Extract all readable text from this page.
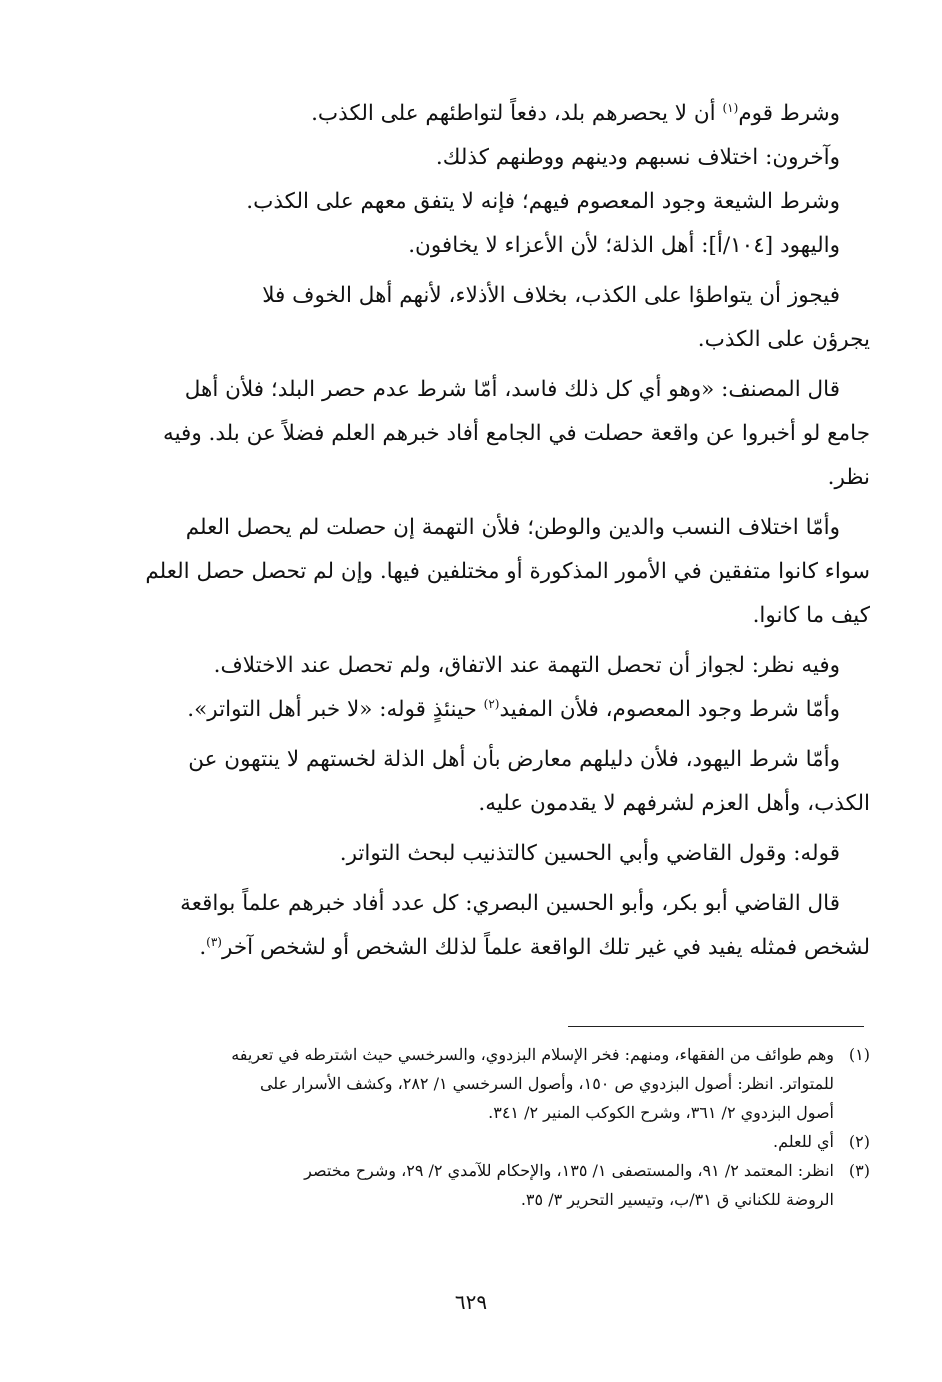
وشرط قوم$^{(١)}$ أن لا يحصرهم بلد، دفعاً لتواطئهم على الكذب.
وآخرون: اختلاف نسبهم ودينهم ووطنهم كذلك.
وشرط الشيعة وجود المعصوم فيهم؛ فإنه لا يتفق معهم على الكذب.
واليهود [١٠٤/أ]: أهل الذلة؛ لأن الأعزاء لا يخافون.
فيجوز أن يتواطؤا على الكذب، بخلاف الأذلاء، لأنهم أهل الخوف فلا
يجرؤن على الكذب.
قال المصنف: «وهو أي كل ذلك فاسد، أمّا شرط عدم حصر البلد؛ فلأن أهل
جامع لو أخبروا عن واقعة حصلت في الجامع أفاد خبرهم العلم فضلاً عن بلد. وفيه
نظر.
وأمّا اختلاف النسب والدين والوطن؛ فلأن التهمة إن حصلت لم يحصل العلم
سواء كانوا متفقين في الأمور المذكورة أو مختلفين فيها. وإن لم تحصل حصل العلم
كيف ما كانوا.
وفيه نظر: لجواز أن تحصل التهمة عند الاتفاق، ولم تحصل عند الاختلاف.
وأمّا شرط وجود المعصوم، فلأن المفيد$^{(٢)}$ حينئذٍ قوله: «لا خبر أهل التواتر».
وأمّا شرط اليهود، فلأن دليلهم معارض بأن أهل الذلة لخستهم لا ينتهون عن
الكذب، وأهل العزم لشرفهم لا يقدمون عليه.
قوله: وقول القاضي وأبي الحسين كالتذنيب لبحث التواتر.
قال القاضي أبو بكر، وأبو الحسين البصري: كل عدد أفاد خبرهم علماً بواقعة
لشخص فمثله يفيد في غير تلك الواقعة علماً لذلك الشخص أو لشخص آخر$^{(٣)}$.
(١)
وهم طوائف من الفقهاء، ومنهم: فخر الإسلام البزدوي، والسرخسي حيث اشترطه في تعريفه
للمتواتر. انظر: أصول البزدوي ص ١٥٠، وأصول السرخسي ١/ ٢٨٢، وكشف الأسرار على
أصول البزدوي ٢/ ٣٦١، وشرح الكوكب المنير ٢/ ٣٤١.
(٢)
أي للعلم.
(٣)
انظر: المعتمد ٢/ ٩١، والمستصفى ١/ ١٣٥، والإحكام للآمدي ٢/ ٢٩، وشرح مختصر
الروضة للكناني ق ٣١/ب، وتيسير التحرير ٣/ ٣٥.
٦٢٩
